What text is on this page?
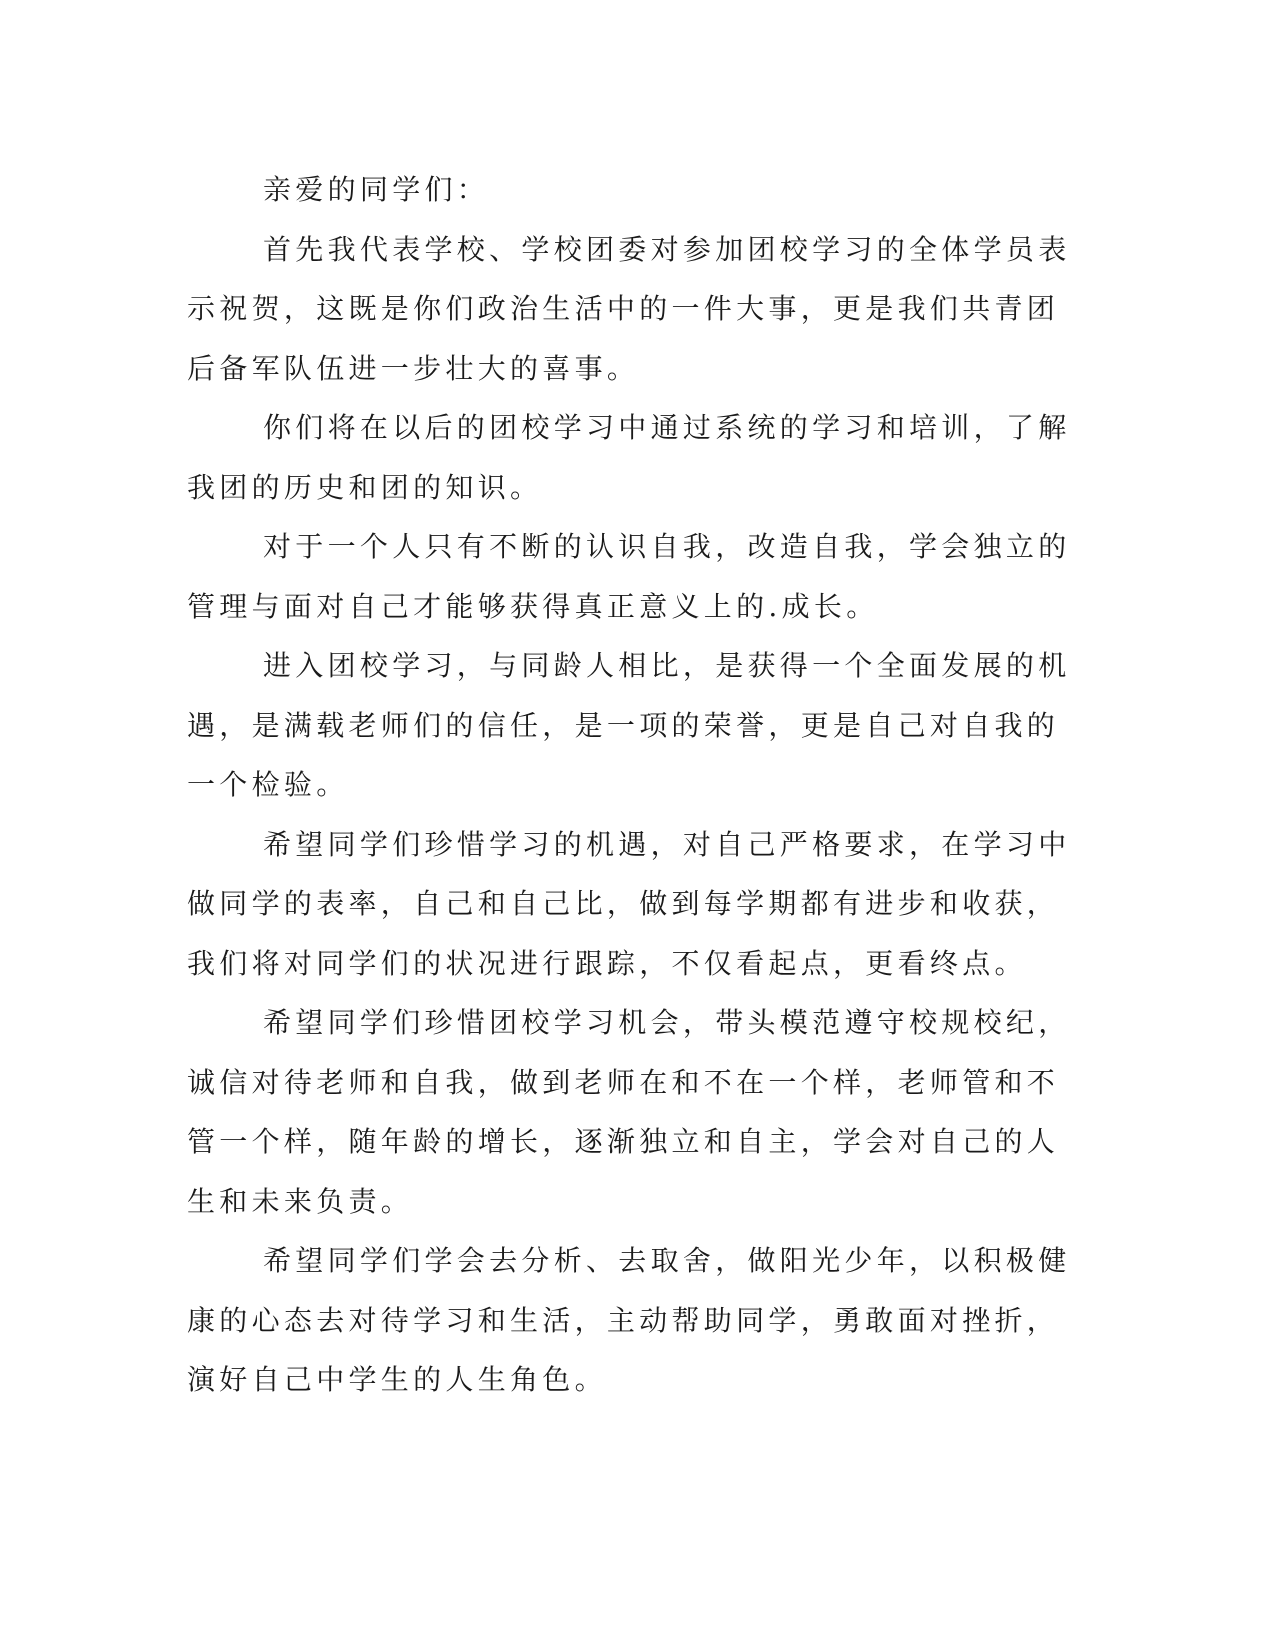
亲爱的同学们：

首先我代表学校、学校团委对参加团校学习的全体学员表示祝贺，这既是你们政治生活中的一件大事，更是我们共青团后备军队伍进一步壮大的喜事。

你们将在以后的团校学习中通过系统的学习和培训，了解我团的历史和团的知识。

对于一个人只有不断的认识自我，改造自我，学会独立的管理与面对自己才能够获得真正意义上的.成长。

进入团校学习，与同龄人相比，是获得一个全面发展的机遇，是满载老师们的信任，是一项的荣誉，更是自己对自我的一个检验。

希望同学们珍惜学习的机遇，对自己严格要求，在学习中做同学的表率，自己和自己比，做到每学期都有进步和收获，我们将对同学们的状况进行跟踪，不仅看起点，更看终点。

希望同学们珍惜团校学习机会，带头模范遵守校规校纪，诚信对待老师和自我，做到老师在和不在一个样，老师管和不管一个样，随年龄的增长，逐渐独立和自主，学会对自己的人生和未来负责。

希望同学们学会去分析、去取舍，做阳光少年，以积极健康的心态去对待学习和生活，主动帮助同学，勇敢面对挫折，演好自己中学生的人生角色。
